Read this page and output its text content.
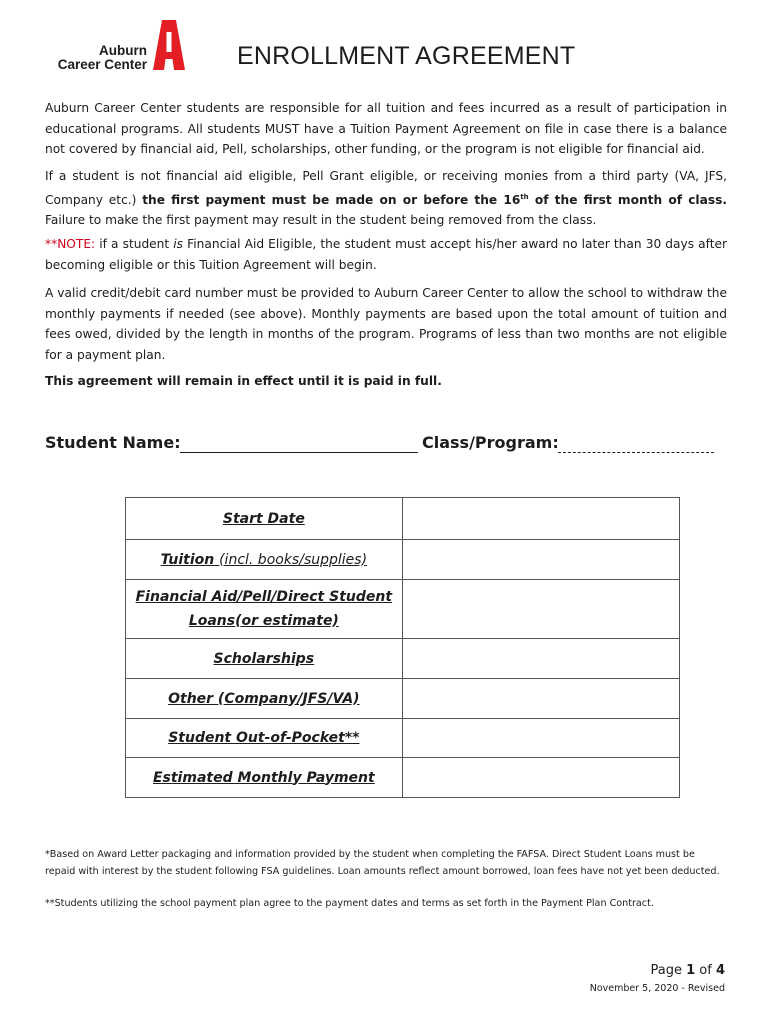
Auburn
Career Center	ENROLLMENT AGREEMENT

Auburn Career Center students are responsible for all tuition and fees incurred as a result of participation in educational programs. All students MUST have a Tuition Payment Agreement on file in case there is a balance not covered by financial aid, Pell, scholarships, other funding, or the program is not eligible for financial aid.

If a student is not financial aid eligible, Pell Grant eligible, or receiving monies from a third party (VA, JFS, Company etc.) the first payment must be made on or before the 16th of the first month of class. Failure to make the first payment may result in the student being removed from the class.

**NOTE: if a student is Financial Aid Eligible, the student must accept his/her award no later than 30 days after becoming eligible or this Tuition Agreement will begin.

A valid credit/debit card number must be provided to Auburn Career Center to allow the school to withdraw the monthly payments if needed (see above). Monthly payments are based upon the total amount of tuition and fees owed, divided by the length in months of the program. Programs of less than two months are not eligible for a payment plan.

This agreement will remain in effect until it is paid in full.

Student Name:	Class/Program:
Start Date	
Tuition (incl. books/supplies)	
Financial Aid/Pell/Direct Student
Loans(or estimate)	
Scholarships	
Other (Company/JFS/VA)	
Student Out-of-Pocket**	
Estimated Monthly Payment	

*Based on Award Letter packaging and information provided by the student when completing the FAFSA. Direct Student Loans must be repaid with interest by the student following FSA guidelines. Loan amounts reflect amount borrowed, loan fees have not yet been deducted.

**Students utilizing the school payment plan agree to the payment dates and terms as set forth in the Payment Plan Contract.

Page 1 of 4
November 5, 2020 - Revised
